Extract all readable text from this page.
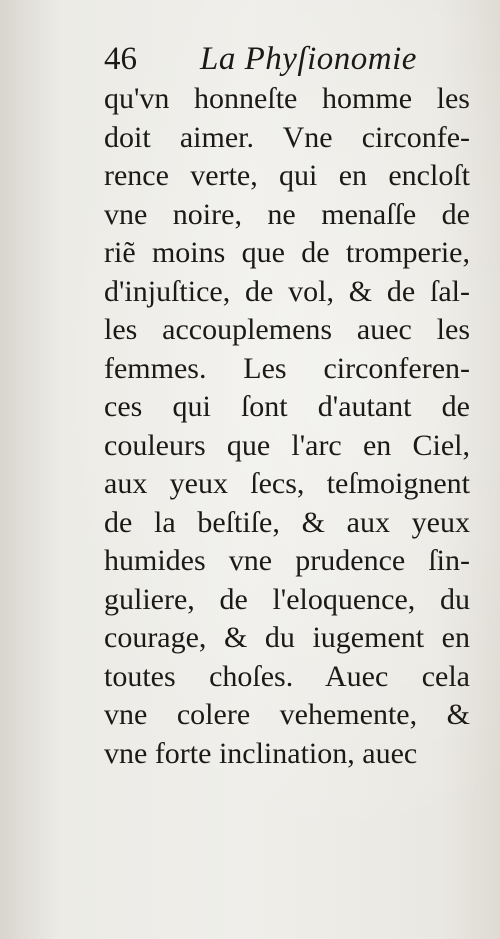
46 La Phyſionomie
qu'vn honneſte homme les
doit aimer. Vne circonfe-
rence verte, qui en encloſt
vne noire, ne menaſſe de
riẽ moins que de tromperie,
d'injuſtice, de vol, & de ſal-
les accouplemens auec les
femmes. Les circonferen-
ces qui ſont d'autant de
couleurs que l'arc en Ciel,
aux yeux ſecs, teſmoignent
de la beſtiſe, & aux yeux
humides vne prudence ſin-
guliere, de l'eloquence, du
courage, & du iugement en
toutes choſes. Auec cela
vne colere vehemente, &
vne forte inclination, auec
